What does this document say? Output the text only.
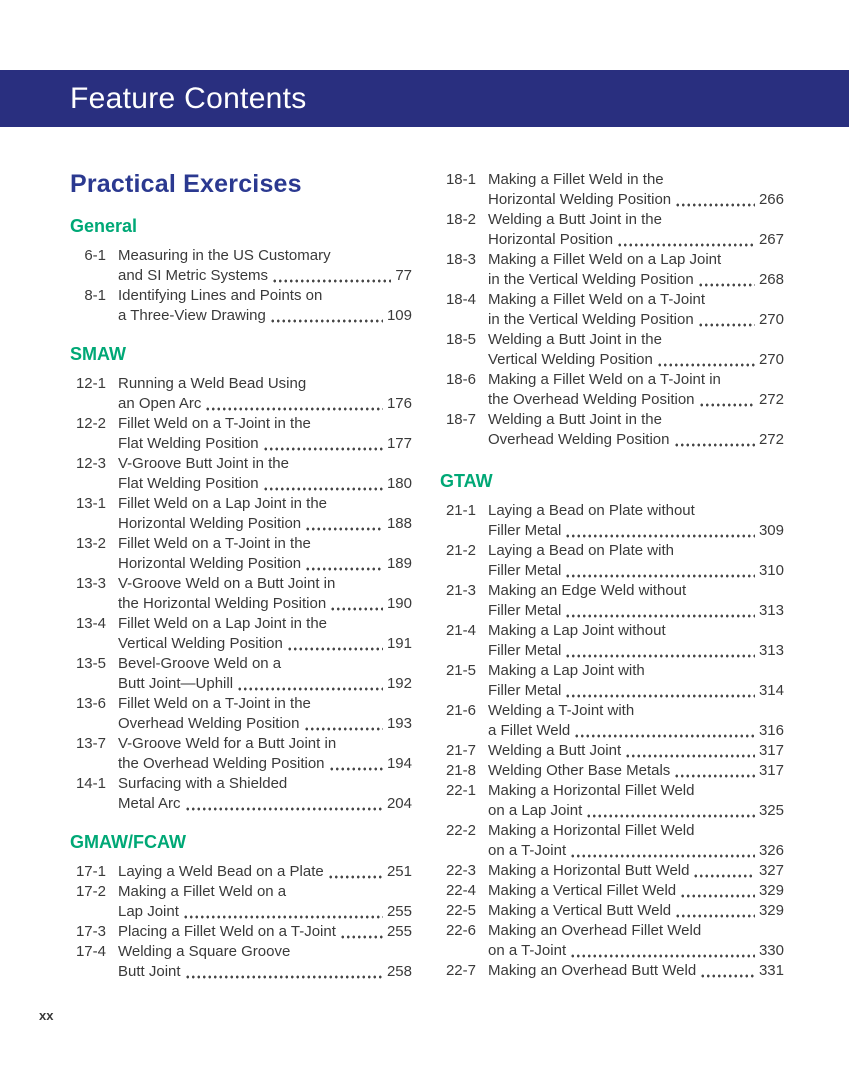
Feature Contents
Practical Exercises
General
6-1 Measuring in the US Customary
and SI Metric Systems	77
8-1 Identifying Lines and Points on
a Three-View Drawing	109
SMAW
12-1 Running a Weld Bead Using
an Open Arc	176
12-2 Fillet Weld on a T-Joint in the
Flat Welding Position	177
12-3 V-Groove Butt Joint in the
Flat Welding Position	180
13-1 Fillet Weld on a Lap Joint in the
Horizontal Welding Position	188
13-2 Fillet Weld on a T-Joint in the
Horizontal Welding Position	189
13-3 V-Groove Weld on a Butt Joint in
the Horizontal Welding Position	190
13-4 Fillet Weld on a Lap Joint in the
Vertical Welding Position	191
13-5 Bevel-Groove Weld on a
Butt Joint—Uphill	192
13-6 Fillet Weld on a T-Joint in the
Overhead Welding Position	193
13-7 V-Groove Weld for a Butt Joint in
the Overhead Welding Position	194
14-1 Surfacing with a Shielded
Metal Arc	204
GMAW/FCAW
17-1 Laying a Weld Bead on a Plate	251
17-2 Making a Fillet Weld on a
Lap Joint	255
17-3 Placing a Fillet Weld on a T-Joint	255
17-4 Welding a Square Groove
Butt Joint	258
18-1 Making a Fillet Weld in the
Horizontal Welding Position	266
18-2 Welding a Butt Joint in the
Horizontal Position	267
18-3 Making a Fillet Weld on a Lap Joint
in the Vertical Welding Position	268
18-4 Making a Fillet Weld on a T-Joint
in the Vertical Welding Position	270
18-5 Welding a Butt Joint in the
Vertical Welding Position	270
18-6 Making a Fillet Weld on a T-Joint in
the Overhead Welding Position	272
18-7 Welding a Butt Joint in the
Overhead Welding Position	272
GTAW
21-1 Laying a Bead on Plate without
Filler Metal	309
21-2 Laying a Bead on Plate with
Filler Metal	310
21-3 Making an Edge Weld without
Filler Metal	313
21-4 Making a Lap Joint without
Filler Metal	313
21-5 Making a Lap Joint with
Filler Metal	314
21-6 Welding a T-Joint with
a Fillet Weld	316
21-7 Welding a Butt Joint	317
21-8 Welding Other Base Metals	317
22-1 Making a Horizontal Fillet Weld
on a Lap Joint	325
22-2 Making a Horizontal Fillet Weld
on a T-Joint	326
22-3 Making a Horizontal Butt Weld	327
22-4 Making a Vertical Fillet Weld	329
22-5 Making a Vertical Butt Weld	329
22-6 Making an Overhead Fillet Weld
on a T-Joint	330
22-7 Making an Overhead Butt Weld	331
xx
